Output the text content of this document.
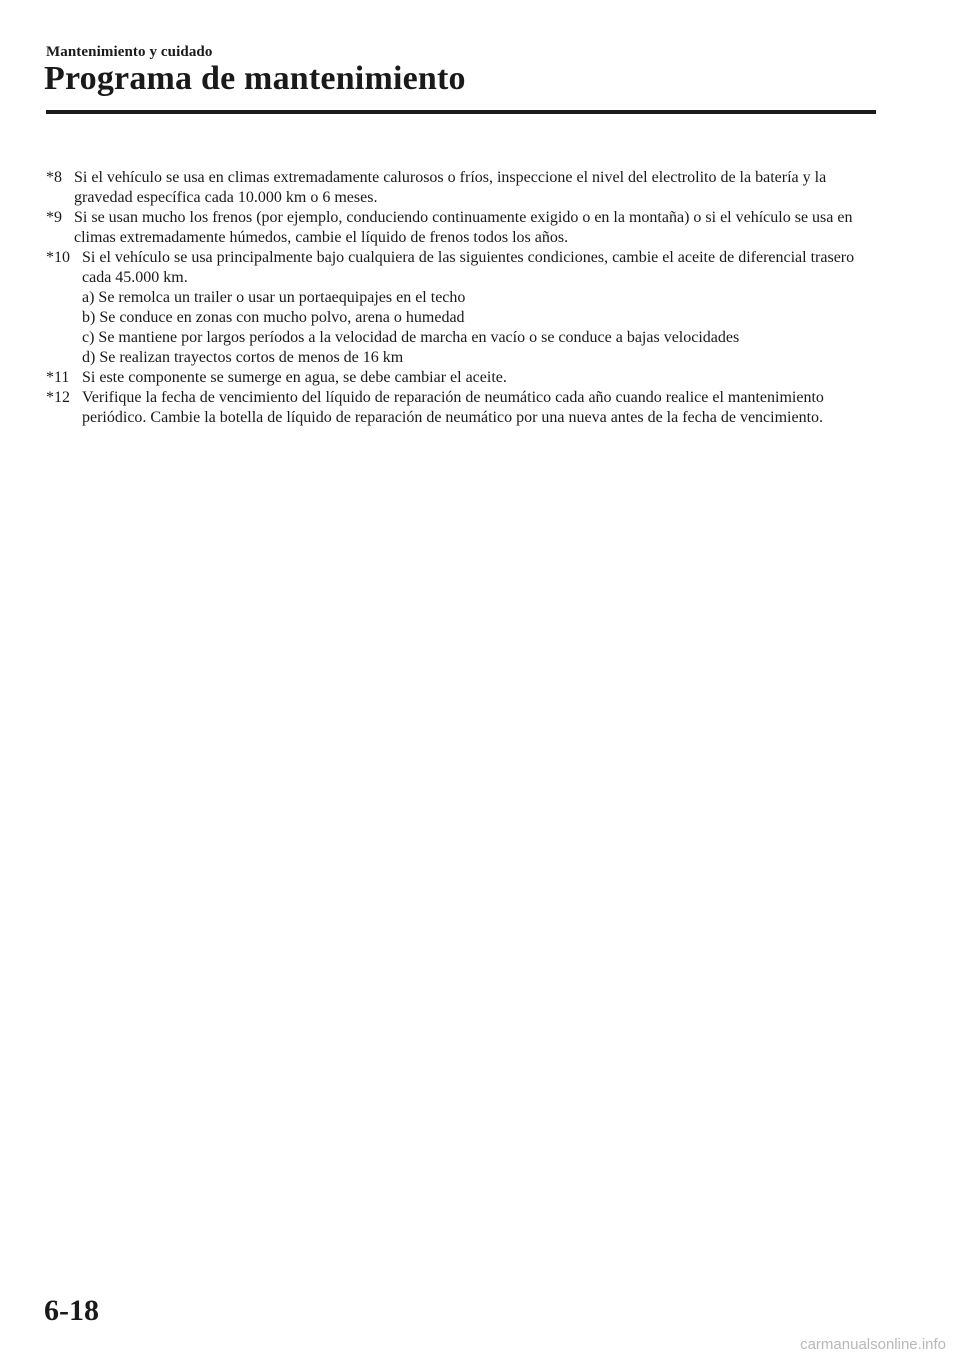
Mantenimiento y cuidado
Programa de mantenimiento
*8 Si el vehículo se usa en climas extremadamente calurosos o fríos, inspeccione el nivel del electrolito de la batería y la gravedad específica cada 10.000 km o 6 meses.
*9 Si se usan mucho los frenos (por ejemplo, conduciendo continuamente exigido o en la montaña) o si el vehículo se usa en climas extremadamente húmedos, cambie el líquido de frenos todos los años.
*10 Si el vehículo se usa principalmente bajo cualquiera de las siguientes condiciones, cambie el aceite de diferencial trasero cada 45.000 km.
a) Se remolca un trailer o usar un portaequipajes en el techo
b) Se conduce en zonas con mucho polvo, arena o humedad
c) Se mantiene por largos períodos a la velocidad de marcha en vacío o se conduce a bajas velocidades
d) Se realizan trayectos cortos de menos de 16 km
*11 Si este componente se sumerge en agua, se debe cambiar el aceite.
*12 Verifique la fecha de vencimiento del líquido de reparación de neumático cada año cuando realice el mantenimiento periódico. Cambie la botella de líquido de reparación de neumático por una nueva antes de la fecha de vencimiento.
6-18
carmanualsonline.info
